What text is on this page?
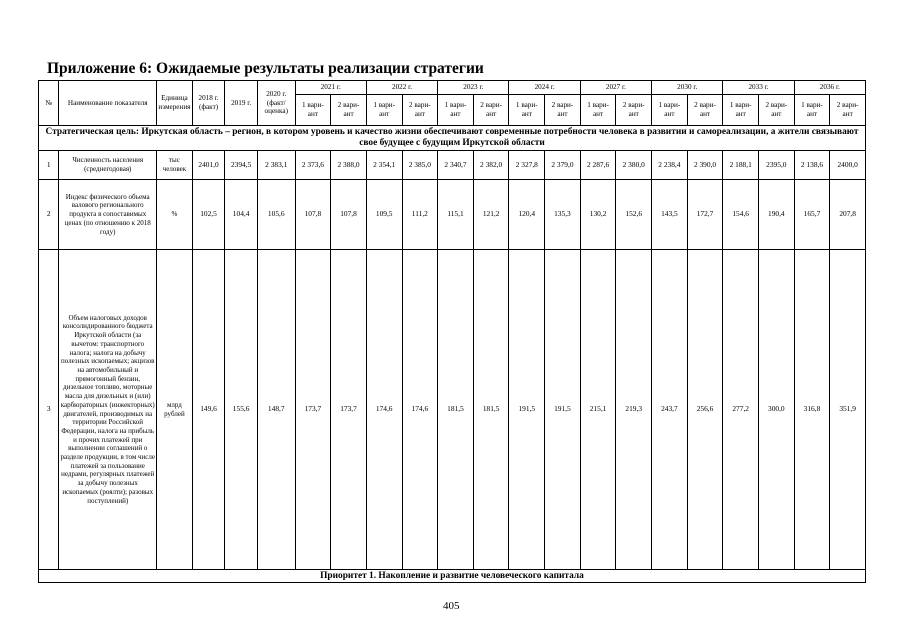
Приложение 6: Ожидаемые результаты реализации стратегии
№	Наименование показателя	Единица измерения	2018 г. (факт)	2019 г.	2020 г. (факт/ оценка)	2021 г.		2022 г.		2023 г.		2024 г.		2027 г.		2030 г.		2033 г.		2036 г.	
						1 вари- ант	2 вари- ант	1 вари- ант	2 вари- ант	1 вари- ант	2 вари- ант	1 вари- ант	2 вари- ант	1 вари- ант	2 вари- ант	1 вари- ант	2 вари- ант	1 вари- ант	2 вари- ант	1 вари- ант	2 вари- ант
Стратегическая цель: Иркутская область – регион, в котором уровень и качество жизни обеспечивают современные потребности человека в развитии и самореализации, а жители связывают свое будущее с будущим Иркутской области																					
1	Численность населения (среднегодовая)	тыс человек	2401,0	2394,5	2 383,1	2 373,6	2 388,0	2 354,1	2 385,0	2 340,7	2 382,0	2 327,8	2 379,0	2 287,6	2 380,0	2 238,4	2 390,0	2 188,1	2395,0	2 138,6	2400,0
2	Индекс физического объема валового регионального продукта в сопоставимых ценах (по отношению к 2018 году)	%	102,5	104,4	105,6	107,8	107,8	109,5	111,2	115,1	121,2	120,4	135,3	130,2	152,6	143,5	172,7	154,6	190,4	165,7	207,8
3	Объем налоговых доходов консолидированного бюджета Иркутской области (за вычетом: транспортного налога; налога на добычу полезных ископаемых; акцизов на автомобильный и прямогонный бензин, дизельное топливо, моторные масла для дизельных и (или) карбюраторных (инжекторных) двигателей, производимых на территории Российской Федерации, налога на прибыль и прочих платежей при выполнении соглашений о разделе продукции, в том числе платежей за пользование недрами, регулярных платежей за добычу полезных ископаемых (роялти); разовых поступлений)	млрд рублей	149,6	155,6	148,7	173,7	173,7	174,6	174,6	181,5	181,5	191,5	191,5	215,1	219,3	243,7	256,6	277,2	300,0	316,8	351,9
Приоритет 1. Накопление и развитие человеческого капитала																					
405
